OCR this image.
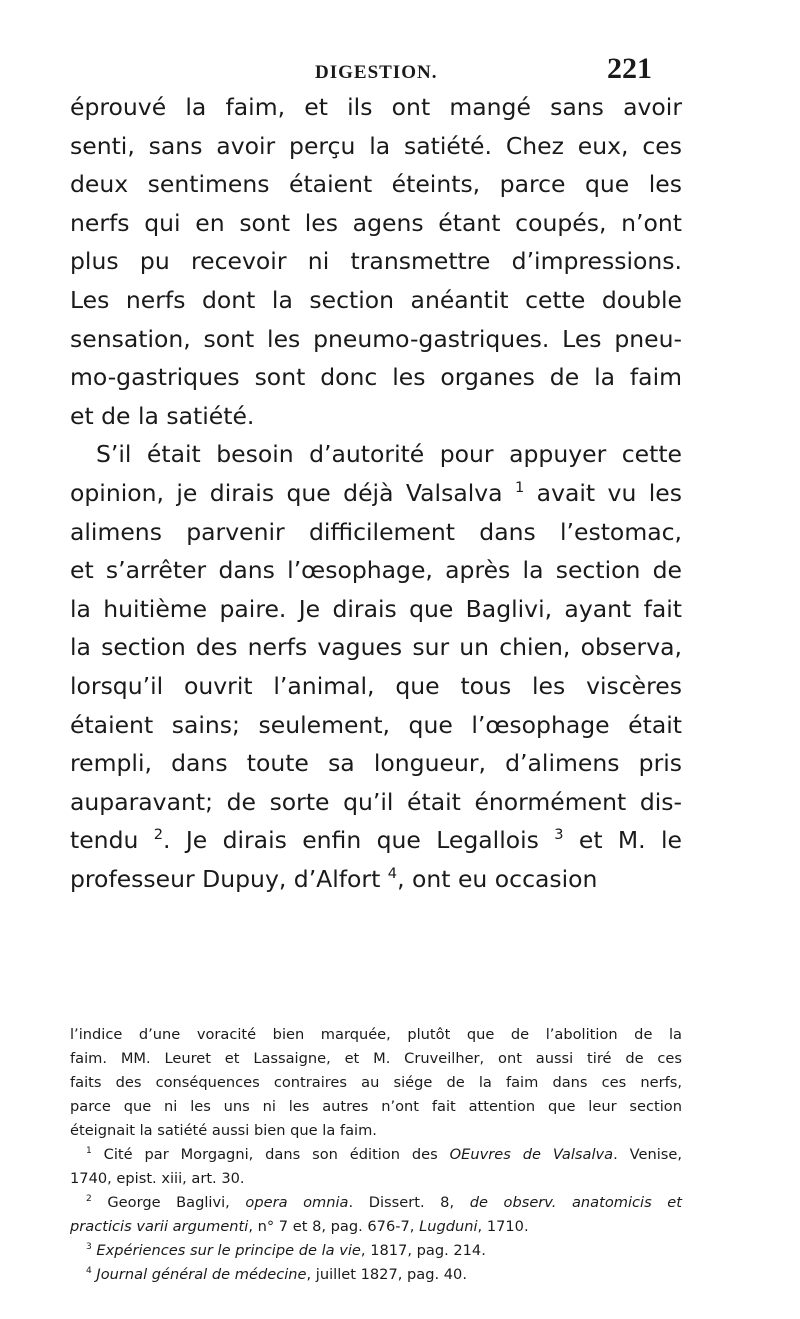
DIGESTION.	221
éprouvé la faim, et ils ont mangé sans avoir
senti, sans avoir perçu la satiété. Chez eux, ces
deux sentimens étaient éteints, parce que les
nerfs qui en sont les agens étant coupés, n’ont
plus pu recevoir ni transmettre d’impressions.
Les nerfs dont la section anéantit cette double
sensation, sont les pneumo-gastriques. Les pneu-
mo-gastriques sont donc les organes de la faim
et de la satiété.
S’il était besoin d’autorité pour appuyer cette
opinion, je dirais que déjà Valsalva $^1$ avait vu les
alimens parvenir difficilement dans l’estomac,
et s’arrêter dans l’œsophage, après la section de
la huitième paire. Je dirais que Baglivi, ayant fait
la section des nerfs vagues sur un chien, observa,
lorsqu’il ouvrit l’animal, que tous les viscères
étaient sains; seulement, que l’œsophage était
rempli, dans toute sa longueur, d’alimens pris
auparavant; de sorte qu’il était énormément dis-
tendu $^2$. Je dirais enfin que Legallois $^3$ et M. le
professeur Dupuy, d’Alfort $^4$, ont eu occasion
l’indice d’une voracité bien marquée, plutôt que de l’abolition de la
faim. MM. Leuret et Lassaigne, et M. Cruveilher, ont aussi tiré de ces
faits des conséquences contraires au siége de la faim dans ces nerfs,
parce que ni les uns ni les autres n’ont fait attention que leur section
éteignait la satiété aussi bien que la faim.
$^1$ Cité par Morgagni, dans son édition des OEuvres de Valsalva. Venise,
1740, epist. xiii, art. 30.
$^2$ George Baglivi, opera omnia. Dissert. 8, de observ. anatomicis et
practicis varii argumenti, n° 7 et 8, pag. 676-7, Lugduni, 1710.
$^3$ Expériences sur le principe de la vie, 1817, pag. 214.
$^4$ Journal général de médecine, juillet 1827, pag. 40.
